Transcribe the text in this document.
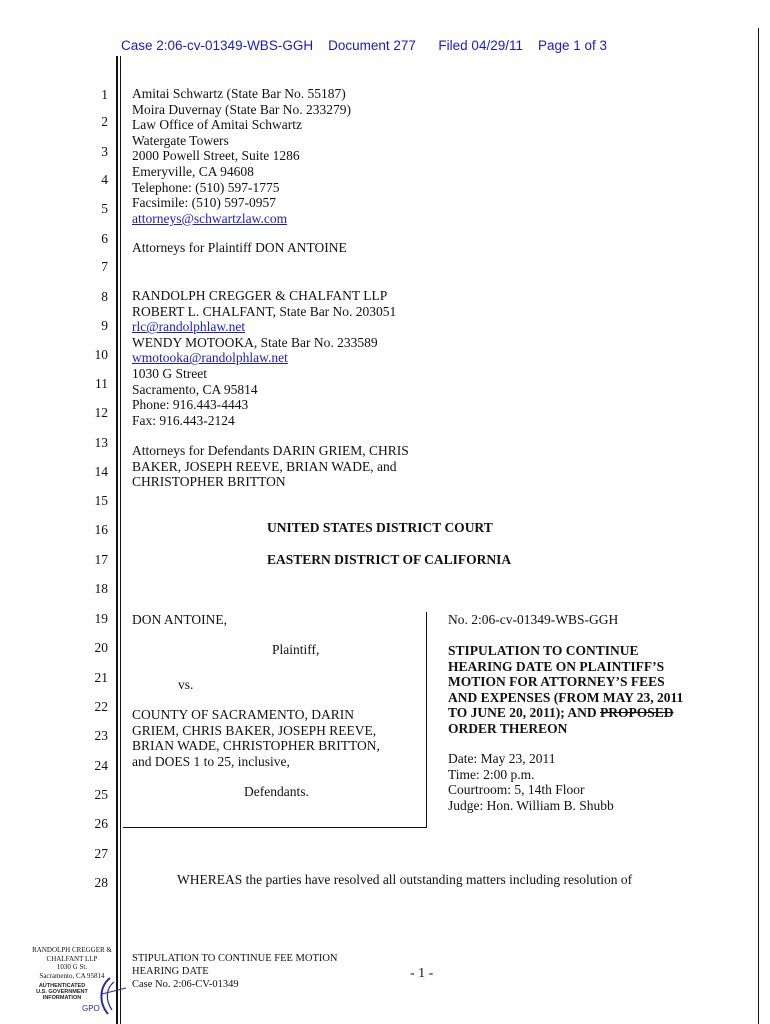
Case 2:06-cv-01349-WBS-GGH Document 277 Filed 04/29/11 Page 1 of 3
1
2
3
4
5
6
7
8
9
10
11
12
13
14
15
16
17
18
19
20
21
22
23
24
25
26
27
28
Amitai Schwartz (State Bar No. 55187)
Moira Duvernay (State Bar No. 233279)
Law Office of Amitai Schwartz
Watergate Towers
2000 Powell Street, Suite 1286
Emeryville, CA 94608
Telephone: (510) 597-1775
Facsimile: (510) 597-0957
attorneys@schwartzlaw.com
Attorneys for Plaintiff DON ANTOINE
RANDOLPH CREGGER & CHALFANT LLP
ROBERT L. CHALFANT, State Bar No. 203051
rlc@randolphlaw.net
WENDY MOTOOKA, State Bar No. 233589
wmotooka@randolphlaw.net
1030 G Street
Sacramento, CA 95814
Phone: 916.443-4443
Fax: 916.443-2124
Attorneys for Defendants DARIN GRIEM, CHRIS
BAKER, JOSEPH REEVE, BRIAN WADE, and
CHRISTOPHER BRITTON
UNITED STATES DISTRICT COURT
EASTERN DISTRICT OF CALIFORNIA
DON ANTOINE,
Plaintiff,
vs.
COUNTY OF SACRAMENTO, DARIN
GRIEM, CHRIS BAKER, JOSEPH REEVE,
BRIAN WADE, CHRISTOPHER BRITTON,
and DOES 1 to 25, inclusive,
Defendants.
No. 2:06-cv-01349-WBS-GGH
STIPULATION TO CONTINUE
HEARING DATE ON PLAINTIFF’S
MOTION FOR ATTORNEY’S FEES
AND EXPENSES (FROM MAY 23, 2011
TO JUNE 20, 2011); AND PROPOSED
ORDER THEREON
Date: May 23, 2011
Time: 2:00 p.m.
Courtroom: 5, 14th Floor
Judge: Hon. William B. Shubb
WHEREAS the parties have resolved all outstanding matters including resolution of
RANDOLPH CREGGER &
CHALFANT LLP
1030 G St.
Sacramento, CA 95814
STIPULATION TO CONTINUE FEE MOTION
HEARING DATE
Case No. 2:06-CV-01349
- 1 -
AUTHENTICATED
U.S. GOVERNMENT
INFORMATION
GPO
